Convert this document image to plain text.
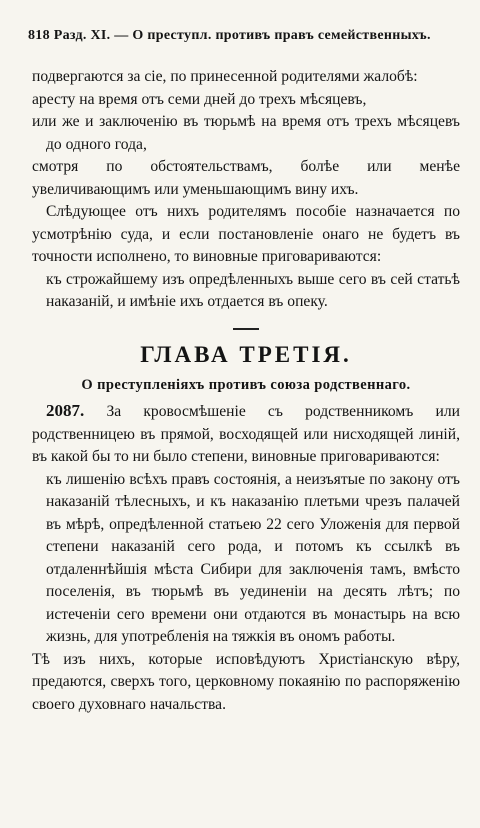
818 Разд. XI. — О преступл. противъ правъ семейственныхъ.

подвергаются за сіе, по принесенной родителями жалобѣ:

аресту на время отъ семи дней до трехъ мѣсяцевъ,

или же и заключенію въ тюрьмѣ на время отъ трехъ мѣсяцевъ до одного года,

смотря по обстоятельствамъ, болѣе или менѣе увеличивающимъ или уменьшающимъ вину ихъ.

Слѣдующее отъ нихъ родителямъ пособіе назначается по усмотрѣнію суда, и если постановленіе онаго не будетъ въ точности исполнено, то виновные приговариваются:

къ строжайшему изъ опредѣленныхъ выше сего въ сей статьѣ наказаній, и имѣніе ихъ отдается въ опеку.

ГЛАВА ТРЕТІЯ.
О преступленіяхъ противъ союза родственнаго.

2087. За кровосмѣшеніе съ родственникомъ или родственницею въ прямой, восходящей или нисходящей линій, въ какой бы то ни было степени, виновные приговариваются:

къ лишенію всѣхъ правъ состоянія, а неизъятые по закону отъ наказаній тѣлесныхъ, и къ наказанію плетьми чрезъ палачей въ мѣрѣ, опредѣленной статьею 22 сего Уложенія для первой степени наказаній сего рода, и потомъ къ ссылкѣ въ отдаленнѣйшія мѣста Сибири для заключенія тамъ, вмѣсто поселенія, въ тюрьмѣ въ уединеніи на десять лѣтъ; по истеченіи сего времени они отдаются въ монастырь на всю жизнь, для употребленія на тяжкія въ ономъ работы.

Тѣ изъ нихъ, которые исповѣдуютъ Христіанскую вѣру, предаются, сверхъ того, церковному покаянію по распоряженію своего духовнаго начальства.
